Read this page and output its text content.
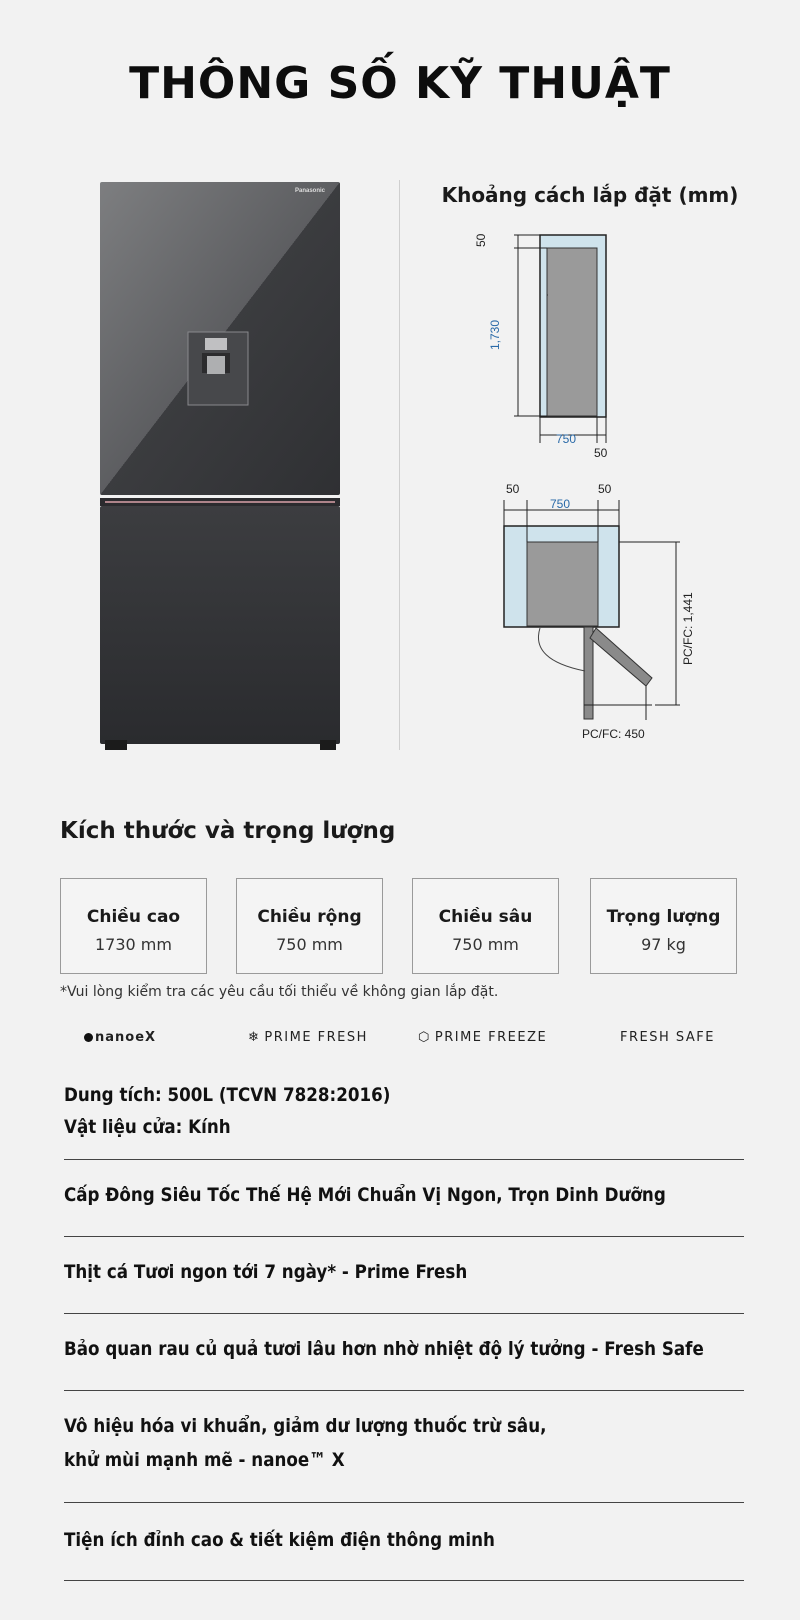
THÔNG SỐ KỸ THUẬT
Panasonic	Khoảng cách lắp đặt (mm)
50
1,730
750
50
50	50
750
PC/FC: 1,441
PC/FC: 450
Kích thước và trọng lượng
Chiều cao
1730 mm
Chiều rộng
750 mm
Chiều sâu
750 mm
Trọng lượng
97 kg
*Vui lòng kiểm tra các yêu cầu tối thiểu về không gian lắp đặt.
nanoeX	❄ PRIME FRESH	⬡ PRIME FREEZE	FRESH SAFE
Dung tích: 500L (TCVN 7828:2016)
Vật liệu cửa: Kính
Cấp Đông Siêu Tốc Thế Hệ Mới Chuẩn Vị Ngon, Trọn Dinh Dưỡng
Thịt cá Tươi ngon tới 7 ngày* - Prime Fresh
Bảo quan rau củ quả tươi lâu hơn nhờ nhiệt độ lý tưởng - Fresh Safe
Vô hiệu hóa vi khuẩn, giảm dư lượng thuốc trừ sâu,
khử mùi mạnh mẽ - nanoe™ X
Tiện ích đỉnh cao & tiết kiệm điện thông minh
